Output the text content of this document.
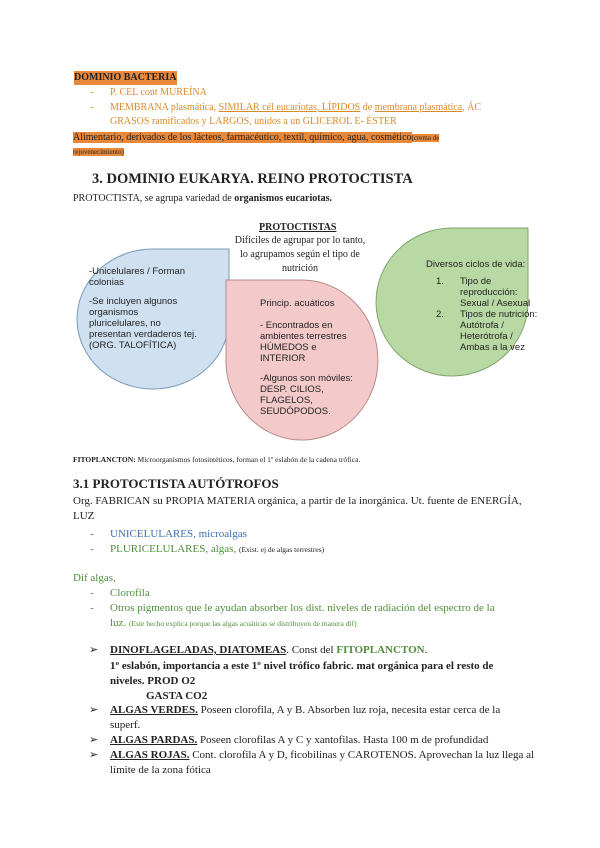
DOMINIO BACTERIA
- P. CEL cont MUREÍNA
- MEMBRANA plasmática, SIMILAR cél eucariotas, LÍPIDOS de membrana plasmática, ÁC
GRASOS ramificados y LARGOS, unidos a un GLICEROL E- ÉSTER
Alimentario, derivados de los lácteos, farmacéutico, textil, químico, agua, cosmético(crema de
rejuvenecimiento)
3. DOMINIO EUKARYA. REINO PROTOCTISTA
PROTOCTISTA, se agrupa variedad de organismos eucariotas.
PROTOCTISTAS
Difíciles de agrupar por lo tanto,
lo agrupamos según el tipo de
nutrición
-Unicelulares / Forman
colonias
-Se incluyen algunos
organismos
pluricelulares, no
presentan verdaderos tej.
(ORG. TALOFÍTICA)
Princip. acuáticos
- Encontrados en
ambientes terrestres
HÚMEDOS e
INTERIOR
-Algunos son móviles:
DESP. CILIOS,
FLAGELOS,
SEUDÓPODOS.
Diversos ciclos de vida:
1. Tipo de
reproducción:
Sexual / Asexual
2. Tipos de nutrición:
Autótrofa /
Heterótrofa /
Ambas a la vez
FITOPLANCTON: Microorganismos fotosintéticos, forman el 1º eslabón de la cadena trófica.
3.1 PROTOCTISTA AUTÓTROFOS
Org. FABRICAN su PROPIA MATERIA orgánica, a partir de la inorgánica. Ut. fuente de ENERGÍA,
LUZ
- UNICELULARES, microalgas
- PLURICELULARES, algas, (Exist. ej de algas terrestres)
Dif algas,
- Clorofila
- Otros pigmentos que le ayudan absorber los dist. niveles de radiación del espectro de la
luz. (Este hecho explica porque las algas acuáticas se distribuyen de manera dif)
➢ DINOFLAGELADAS, DIATOMEAS. Const del FITOPLANCTON.
1º eslabón, importancia a este 1º nivel trófico fabric. mat orgánica para el resto de
niveles. PROD O2
GASTA CO2
➢ ALGAS VERDES. Poseen clorofila, A y B. Absorben luz roja, necesita estar cerca de la
superf.
➢ ALGAS PARDAS. Poseen clorofilas A y C y xantofilas. Hasta 100 m de profundidad
➢ ALGAS ROJAS. Cont. clorofila A y D, ficobilinas y CAROTENOS. Aprovechan la luz llega al
límite de la zona fótica
